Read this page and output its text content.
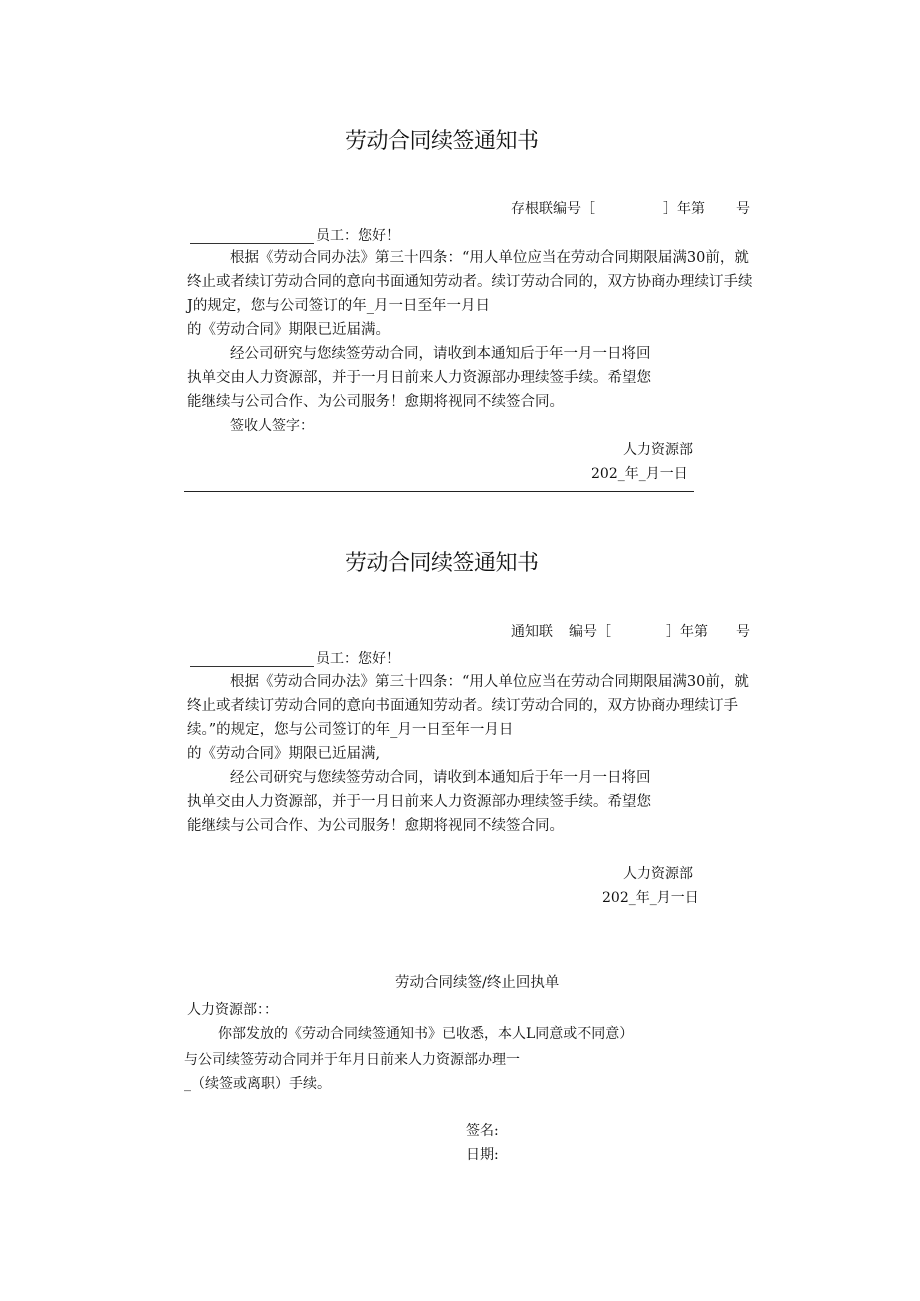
劳动合同续签通知书
存根联编号［	］年第 号
员工：您好！
根据《劳动合同办法》第三十四条：“用人单位应当在劳动合同期限届满30前，就
终止或者续订劳动合同的意向书面通知劳动者。续订劳动合同的，双方协商办理续订手续
J的规定，您与公司签订的年_月一日至年一月日
的《劳动合同》期限已近届满。
经公司研究与您续签劳动合同，请收到本通知后于年一月一日将回
执单交由人力资源部，并于一月日前来人力资源部办理续签手续。希望您
能继续与公司合作、为公司服务！愈期将视同不续签合同。
签收人签字：
人力资源部
202_年_月一日
劳动合同续签通知书
通知联 编号［	］年第 号
员工：您好！
根据《劳动合同办法》第三十四条：“用人单位应当在劳动合同期限届满30前，就
终止或者续订劳动合同的意向书面通知劳动者。续订劳动合同的，双方协商办理续订手
续。”的规定，您与公司签订的年_月一日至年一月日
的《劳动合同》期限已近届满,
经公司研究与您续签劳动合同，请收到本通知后于年一月一日将回
执单交由人力资源部，并于一月日前来人力资源部办理续签手续。希望您
能继续与公司合作、为公司服务！愈期将视同不续签合同。
人力资源部
202_年_月一日
劳动合同续签/终止回执单
人力资源部：：
你部发放的《劳动合同续签通知书》已收悉，本人L同意或不同意）
与公司续签劳动合同并于年月日前来人力资源部办理一
_（续签或离职）手续。
签名:
日期:
